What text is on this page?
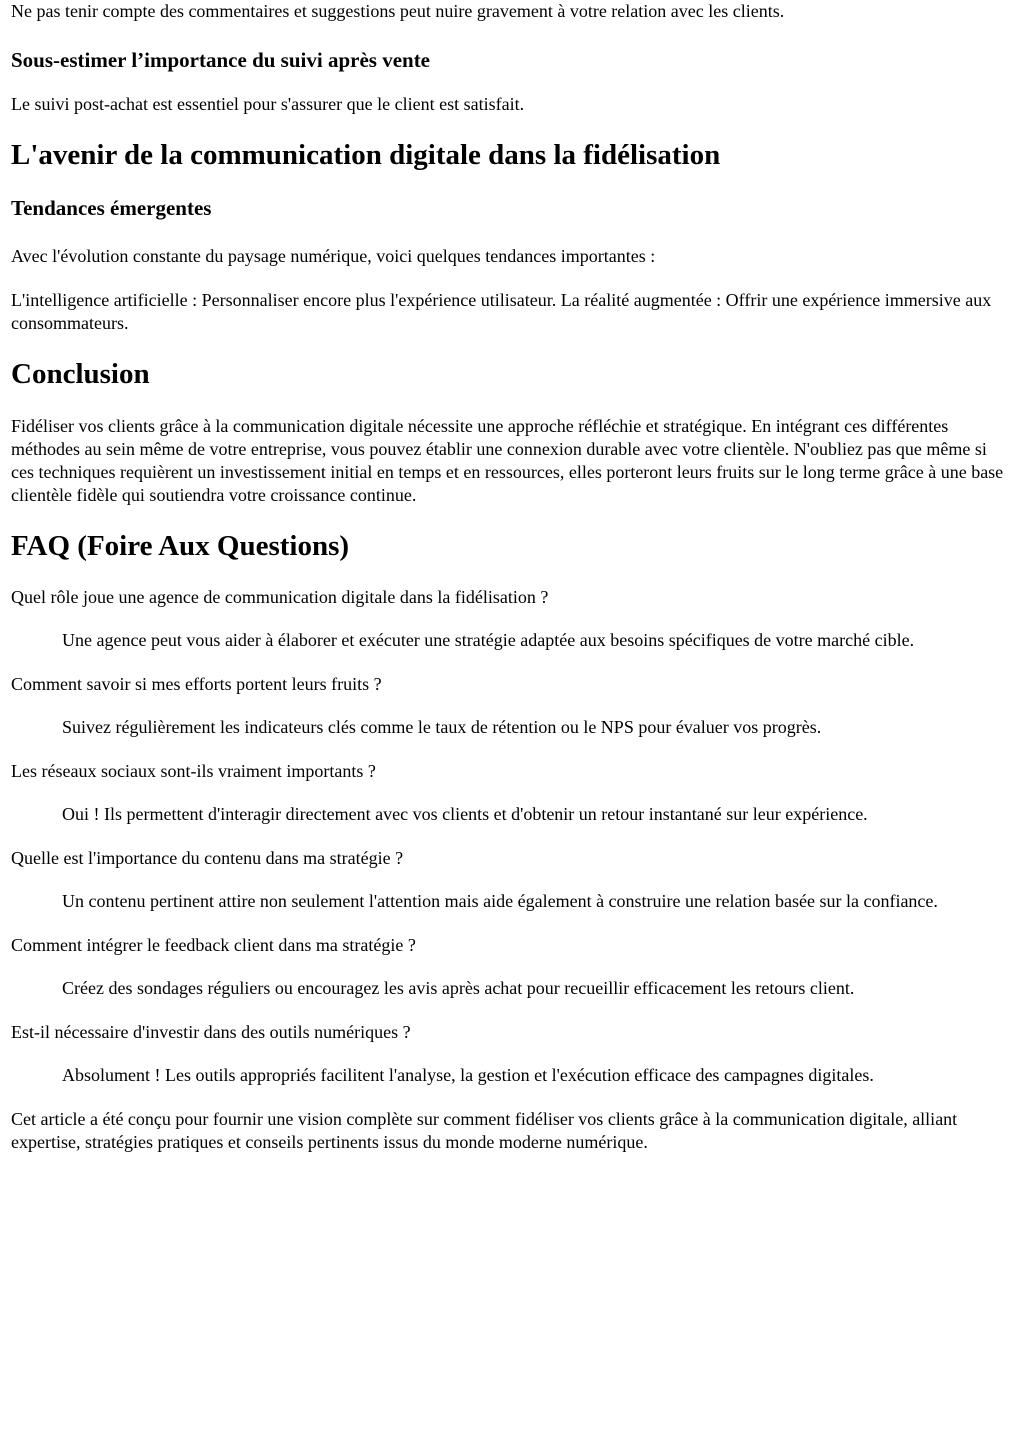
Ne pas tenir compte des commentaires et suggestions peut nuire gravement à votre relation avec les clients.

Sous-estimer l’importance du suivi après vente

Le suivi post-achat est essentiel pour s'assurer que le client est satisfait.

L'avenir de la communication digitale dans la fidélisation
Tendances émergentes

Avec l'évolution constante du paysage numérique, voici quelques tendances importantes :

L'intelligence artificielle : Personnaliser encore plus l'expérience utilisateur. La réalité augmentée : Offrir une expérience immersive aux consommateurs.

Conclusion

Fidéliser vos clients grâce à la communication digitale nécessite une approche réfléchie et stratégique. En intégrant ces différentes méthodes au sein même de votre entreprise, vous pouvez établir une connexion durable avec votre clientèle. N'oubliez pas que même si ces techniques requièrent un investissement initial en temps et en ressources, elles porteront leurs fruits sur le long terme grâce à une base clientèle fidèle qui soutiendra votre croissance continue.

FAQ (Foire Aux Questions)
Quel rôle joue une agence de communication digitale dans la fidélisation ?
Une agence peut vous aider à élaborer et exécuter une stratégie adaptée aux besoins spécifiques de votre marché cible.
Comment savoir si mes efforts portent leurs fruits ?
Suivez régulièrement les indicateurs clés comme le taux de rétention ou le NPS pour évaluer vos progrès.
Les réseaux sociaux sont-ils vraiment importants ?
Oui ! Ils permettent d'interagir directement avec vos clients et d'obtenir un retour instantané sur leur expérience.
Quelle est l'importance du contenu dans ma stratégie ?
Un contenu pertinent attire non seulement l'attention mais aide également à construire une relation basée sur la confiance.
Comment intégrer le feedback client dans ma stratégie ?
Créez des sondages réguliers ou encouragez les avis après achat pour recueillir efficacement les retours client.
Est-il nécessaire d'investir dans des outils numériques ?
Absolument ! Les outils appropriés facilitent l'analyse, la gestion et l'exécution efficace des campagnes digitales.

Cet article a été conçu pour fournir une vision complète sur comment fidéliser vos clients grâce à la communication digitale, alliant expertise, stratégies pratiques et conseils pertinents issus du monde moderne numérique.
